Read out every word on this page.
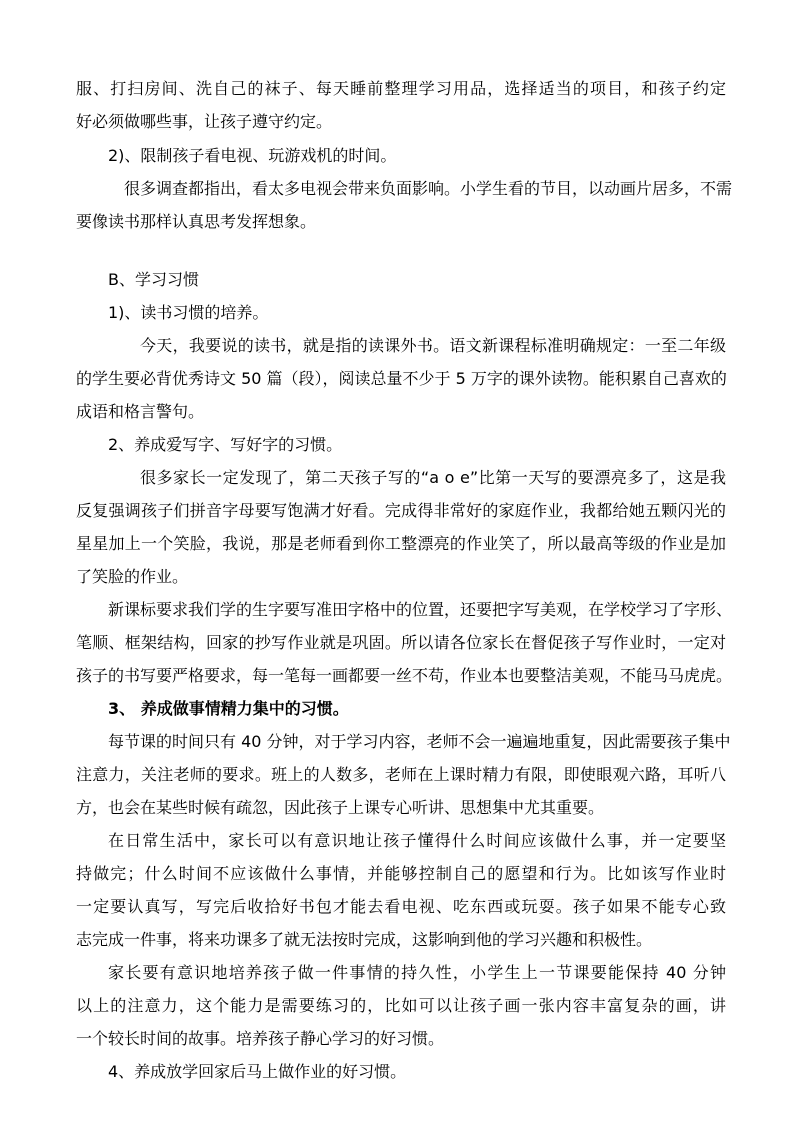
服、打扫房间、洗自己的袜子、每天睡前整理学习用品，选择适当的项目，和孩子约定
好必须做哪些事，让孩子遵守约定。
2)、限制孩子看电视、玩游戏机的时间。
很多调查都指出，看太多电视会带来负面影响。小学生看的节目，以动画片居多，不需
要像读书那样认真思考发挥想象。
B、学习习惯
1)、读书习惯的培养。
今天，我要说的读书，就是指的读课外书。语文新课程标准明确规定：一至二年级
的学生要必背优秀诗文 50 篇（段），阅读总量不少于 5 万字的课外读物。能积累自己喜欢的
成语和格言警句。
2、养成爱写字、写好字的习惯。
很多家长一定发现了，第二天孩子写的“a o e”比第一天写的要漂亮多了，这是我
反复强调孩子们拼音字母要写饱满才好看。完成得非常好的家庭作业，我都给她五颗闪光的
星星加上一个笑脸，我说，那是老师看到你工整漂亮的作业笑了，所以最高等级的作业是加
了笑脸的作业。
新课标要求我们学的生字要写准田字格中的位置，还要把字写美观，在学校学习了字形、
笔顺、框架结构，回家的抄写作业就是巩固。所以请各位家长在督促孩子写作业时，一定对
孩子的书写要严格要求，每一笔每一画都要一丝不苟，作业本也要整洁美观，不能马马虎虎。
3、 养成做事情精力集中的习惯。
每节课的时间只有 40 分钟，对于学习内容，老师不会一遍遍地重复，因此需要孩子集中
注意力，关注老师的要求。班上的人数多，老师在上课时精力有限，即使眼观六路，耳听八
方，也会在某些时候有疏忽，因此孩子上课专心听讲、思想集中尤其重要。
在日常生活中，家长可以有意识地让孩子懂得什么时间应该做什么事，并一定要坚
持做完；什么时间不应该做什么事情，并能够控制自己的愿望和行为。比如该写作业时
一定要认真写，写完后收拾好书包才能去看电视、吃东西或玩耍。孩子如果不能专心致
志完成一件事，将来功课多了就无法按时完成，这影响到他的学习兴趣和积极性。
家长要有意识地培养孩子做一件事情的持久性，小学生上一节课要能保持 40 分钟
以上的注意力，这个能力是需要练习的，比如可以让孩子画一张内容丰富复杂的画，讲
一个较长时间的故事。培养孩子静心学习的好习惯。
4、养成放学回家后马上做作业的好习惯。
